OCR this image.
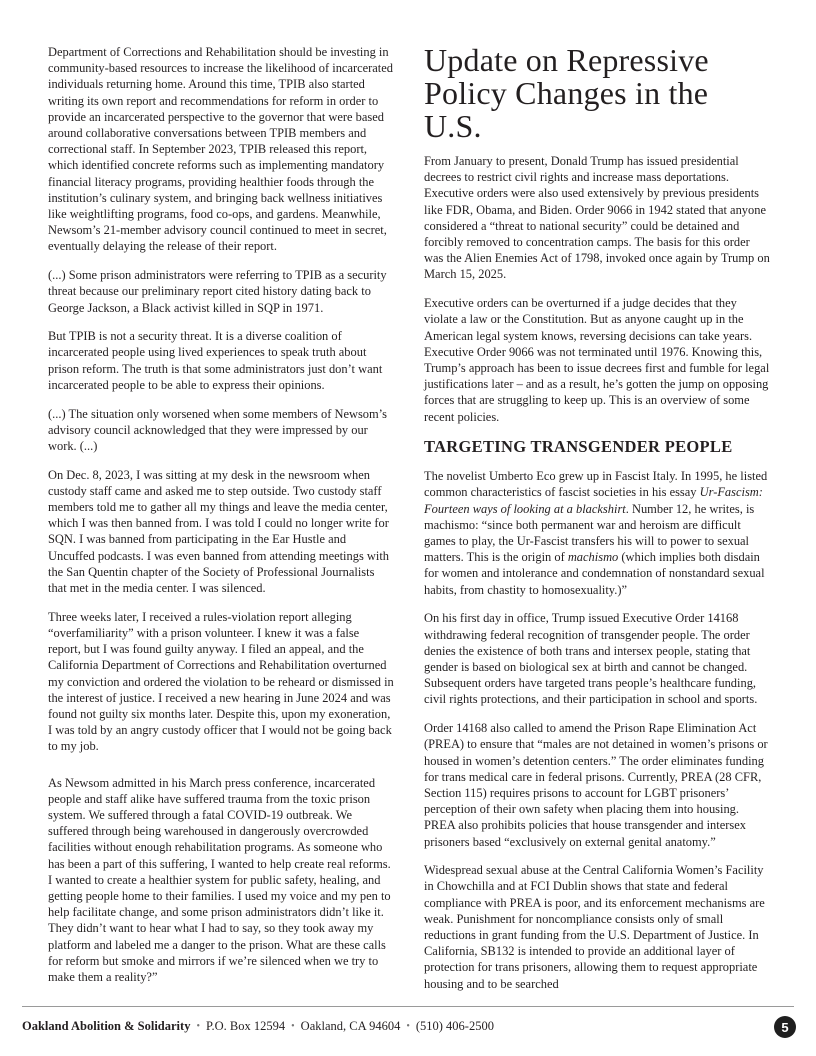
Department of Corrections and Rehabilitation should be investing in community-based resources to increase the likelihood of incarcerated individuals returning home. Around this time, TPIB also started writing its own report and recommendations for reform in order to provide an incarcerated perspective to the governor that were based around collaborative conversations between TPIB members and correctional staff. In September 2023, TPIB released this report, which identified concrete reforms such as implementing mandatory financial literacy programs, providing healthier foods through the institution’s culinary system, and bringing back wellness initiatives like weightlifting programs, food co-ops, and gardens. Meanwhile, Newsom’s 21-member advisory council continued to meet in secret, eventually delaying the release of their report.

(...) Some prison administrators were referring to TPIB as a security threat because our preliminary report cited history dating back to George Jackson, a Black activist killed in SQP in 1971.

But TPIB is not a security threat. It is a diverse coalition of incarcerated people using lived experiences to speak truth about prison reform. The truth is that some administrators just don’t want incarcerated people to be able to express their opinions.

(...) The situation only worsened when some members of Newsom’s advisory council acknowledged that they were impressed by our work. (...)

On Dec. 8, 2023, I was sitting at my desk in the newsroom when custody staff came and asked me to step outside. Two custody staff members told me to gather all my things and leave the media center, which I was then banned from. I was told I could no longer write for SQN. I was banned from participating in the Ear Hustle and Uncuffed podcasts. I was even banned from attending meetings with the San Quentin chapter of the Society of Professional Journalists that met in the media center. I was silenced.

Three weeks later, I received a rules-violation report alleging “overfamiliarity” with a prison volunteer. I knew it was a false report, but I was found guilty anyway. I filed an appeal, and the California Department of Corrections and Rehabilitation overturned my conviction and ordered the violation to be reheard or dismissed in the interest of justice. I received a new hearing in June 2024 and was found not guilty six months later. Despite this, upon my exoneration, I was told by an angry custody officer that I would not be going back to my job.

As Newsom admitted in his March press conference, incarcerated people and staff alike have suffered trauma from the toxic prison system. We suffered through a fatal COVID-19 outbreak. We suffered through being warehoused in dangerously overcrowded facilities without enough rehabilitation programs. As someone who has been a part of this suffering, I wanted to help create real reforms. I wanted to create a healthier system for public safety, healing, and getting people home to their families. I used my voice and my pen to help facilitate change, and some prison administrators didn’t like it. They didn’t want to hear what I had to say, so they took away my platform and labeled me a danger to the prison. What are these calls for reform but smoke and mirrors if we’re silenced when we try to make them a reality?”

Update on Repressive Policy Changes in the U.S.

From January to present, Donald Trump has issued presidential decrees to restrict civil rights and increase mass deportations. Executive orders were also used extensively by previous presidents like FDR, Obama, and Biden. Order 9066 in 1942 stated that anyone considered a “threat to national security” could be detained and forcibly removed to concentration camps. The basis for this order was the Alien Enemies Act of 1798, invoked once again by Trump on March 15, 2025.

Executive orders can be overturned if a judge decides that they violate a law or the Constitution. But as anyone caught up in the American legal system knows, reversing decisions can take years. Executive Order 9066 was not terminated until 1976. Knowing this, Trump’s approach has been to issue decrees first and fumble for legal justifications later – and as a result, he’s gotten the jump on opposing forces that are struggling to keep up. This is an overview of some recent policies.

TARGETING TRANSGENDER PEOPLE

The novelist Umberto Eco grew up in Fascist Italy. In 1995, he listed common characteristics of fascist societies in his essay Ur-Fascism: Fourteen ways of looking at a blackshirt. Number 12, he writes, is machismo: “since both permanent war and heroism are difficult games to play, the Ur-Fascist transfers his will to power to sexual matters. This is the origin of machismo (which implies both disdain for women and intolerance and condemnation of nonstandard sexual habits, from chastity to homosexuality.)”

On his first day in office, Trump issued Executive Order 14168 withdrawing federal recognition of transgender people. The order denies the existence of both trans and intersex people, stating that gender is based on biological sex at birth and cannot be changed. Subsequent orders have targeted trans people’s healthcare funding, civil rights protections, and their participation in school and sports.

Order 14168 also called to amend the Prison Rape Elimination Act (PREA) to ensure that “males are not detained in women’s prisons or housed in women’s detention centers.” The order eliminates funding for trans medical care in federal prisons. Currently, PREA (28 CFR, Section 115) requires prisons to account for LGBT prisoners’ perception of their own safety when placing them into housing. PREA also prohibits policies that house transgender and intersex prisoners based “exclusively on external genital anatomy.”

Widespread sexual abuse at the Central California Women’s Facility in Chowchilla and at FCI Dublin shows that state and federal compliance with PREA is poor, and its enforcement mechanisms are weak. Punishment for noncompliance consists only of small reductions in grant funding from the U.S. Department of Justice. In California, SB132 is intended to provide an additional layer of protection for trans prisoners, allowing them to request appropriate housing and to be searched

Oakland Abolition & Solidarity • P.O. Box 12594 • Oakland, CA 94604 • (510) 406-2500	5
